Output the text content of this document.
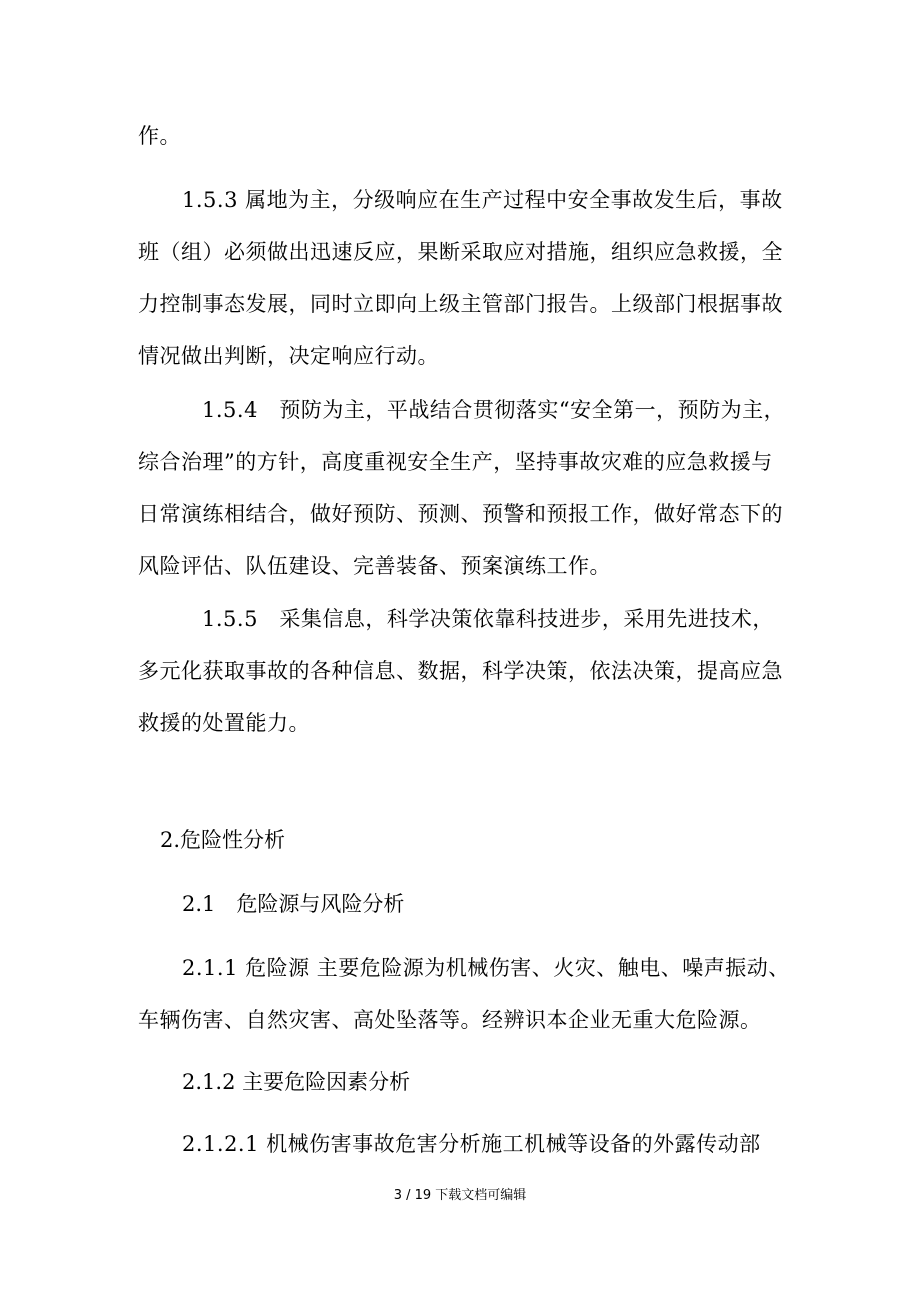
作。
1.5.3 属地为主，分级响应在生产过程中安全事故发生后，事故
班（组）必须做出迅速反应，果断采取应对措施，组织应急救援，全
力控制事态发展，同时立即向上级主管部门报告。上级部门根据事故
情况做出判断，决定响应行动。
1.5.4　预防为主，平战结合贯彻落实“安全第一，预防为主，
综合治理”的方针，高度重视安全生产，坚持事故灾难的应急救援与
日常演练相结合，做好预防、预测、预警和预报工作，做好常态下的
风险评估、队伍建设、完善装备、预案演练工作。
1.5.5　采集信息，科学决策依靠科技进步，采用先进技术，
多元化获取事故的各种信息、数据，科学决策，依法决策，提高应急
救援的处置能力。
2.危险性分析
2.1　危险源与风险分析
2.1.1 危险源 主要危险源为机械伤害、火灾、触电、噪声振动、
车辆伤害、自然灾害、高处坠落等。经辨识本企业无重大危险源。
2.1.2 主要危险因素分析
2.1.2.1 机械伤害事故危害分析施工机械等设备的外露传动部
3 / 19 下载文档可编辑
